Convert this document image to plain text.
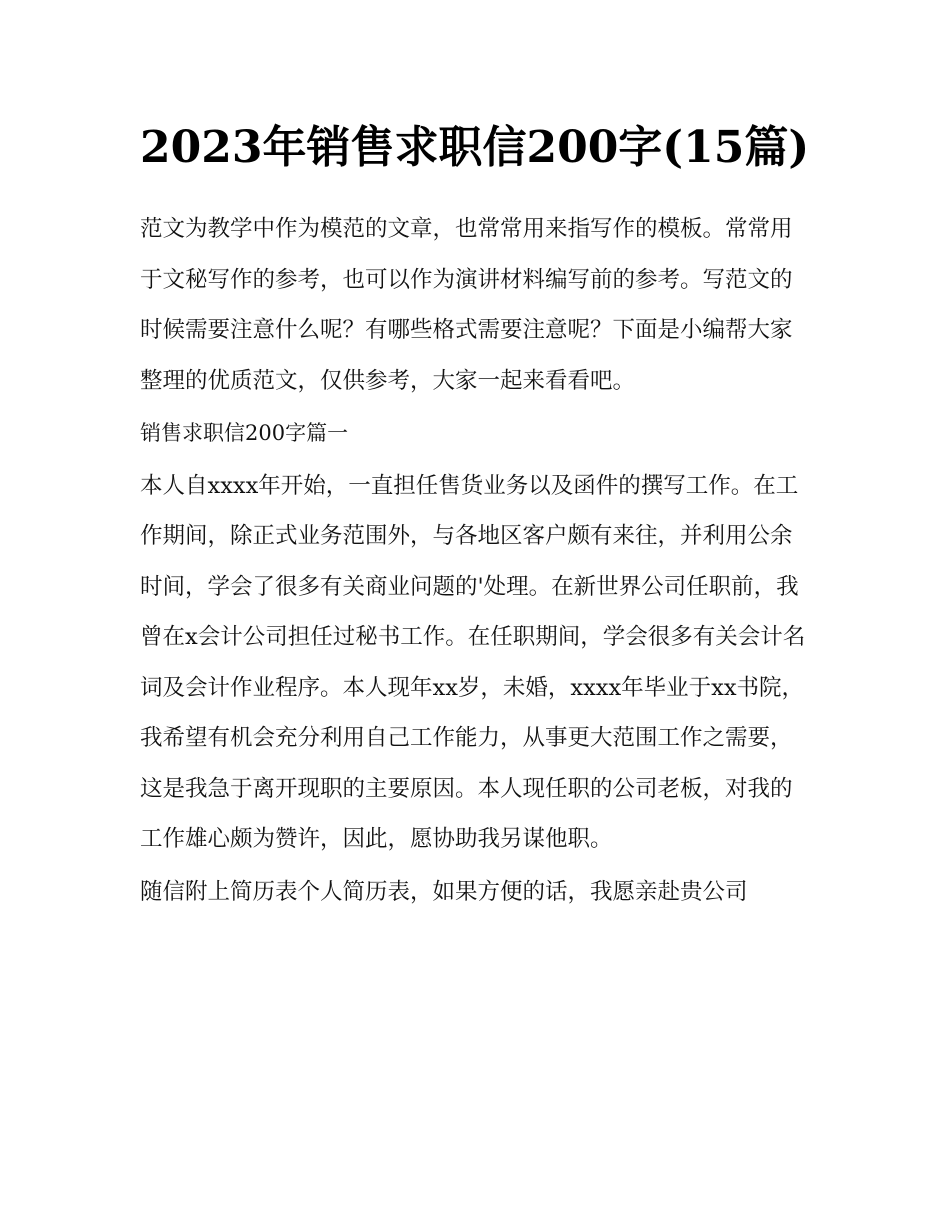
2023年销售求职信200字(15篇)

范文为教学中作为模范的文章，也常常用来指写作的模板。常常用于文秘写作的参考，也可以作为演讲材料编写前的参考。写范文的时候需要注意什么呢？有哪些格式需要注意呢？下面是小编帮大家整理的优质范文，仅供参考，大家一起来看看吧。

销售求职信200字篇一

本人自xxxx年开始，一直担任售货业务以及函件的撰写工作。在工作期间，除正式业务范围外，与各地区客户颇有来往，并利用公余时间，学会了很多有关商业问题的'处理。在新世界公司任职前，我曾在x会计公司担任过秘书工作。在任职期间，学会很多有关会计名词及会计作业程序。本人现年xx岁，未婚，xxxx年毕业于xx书院，我希望有机会充分利用自己工作能力，从事更大范围工作之需要，这是我急于离开现职的主要原因。本人现任职的公司老板，对我的工作雄心颇为赞许，因此，愿协助我另谋他职。

随信附上简历表个人简历表，如果方便的话，我愿亲赴贵公司
